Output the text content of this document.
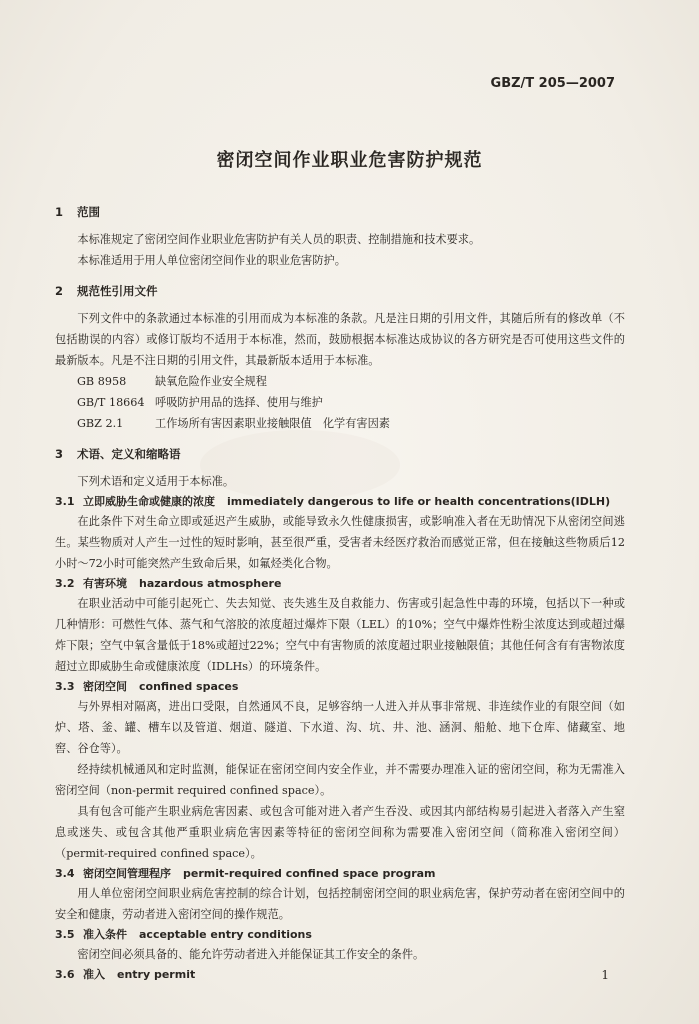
GBZ/T 205—2007
密闭空间作业职业危害防护规范
1 范围

本标准规定了密闭空间作业职业危害防护有关人员的职责、控制措施和技术要求。

本标准适用于用人单位密闭空间作业的职业危害防护。

2 规范性引用文件

下列文件中的条款通过本标准的引用而成为本标准的条款。凡是注日期的引用文件，其随后所有的修改单（不包括勘误的内容）或修订版均不适用于本标准，然而，鼓励根据本标准达成协议的各方研究是否可使用这些文件的最新版本。凡是不注日期的引用文件，其最新版本适用于本标准。

GB 8958	缺氧危险作业安全规程
GB/T 18664 呼吸防护用品的选择、使用与维护
GBZ 2.1	工作场所有害因素职业接触限值　化学有害因素
3 术语、定义和缩略语

下列术语和定义适用于本标准。

3.1 立即威胁生命或健康的浓度 immediately dangerous to life or health concentrations(IDLH)

在此条件下对生命立即或延迟产生威胁，或能导致永久性健康损害，或影响准入者在无助情况下从密闭空间逃生。某些物质对人产生一过性的短时影响，甚至很严重，受害者未经医疗救治而感觉正常，但在接触这些物质后12小时～72小时可能突然产生致命后果，如氟烃类化合物。

3.2 有害环境 hazardous atmosphere

在职业活动中可能引起死亡、失去知觉、丧失逃生及自救能力、伤害或引起急性中毒的环境，包括以下一种或几种情形：可燃性气体、蒸气和气溶胶的浓度超过爆炸下限（LEL）的10%；空气中爆炸性粉尘浓度达到或超过爆炸下限；空气中氧含量低于18%或超过22%；空气中有害物质的浓度超过职业接触限值；其他任何含有有害物浓度超过立即威胁生命或健康浓度（IDLHs）的环境条件。

3.3 密闭空间 confined spaces

与外界相对隔离，进出口受限，自然通风不良，足够容纳一人进入并从事非常规、非连续作业的有限空间（如炉、塔、釜、罐、槽车以及管道、烟道、隧道、下水道、沟、坑、井、池、涵洞、船舱、地下仓库、储藏室、地窖、谷仓等）。

经持续机械通风和定时监测，能保证在密闭空间内安全作业，并不需要办理准入证的密闭空间，称为无需准入密闭空间（non-permit required confined space）。

具有包含可能产生职业病危害因素、或包含可能对进入者产生吞没、或因其内部结构易引起进入者落入产生窒息或迷失、或包含其他严重职业病危害因素等特征的密闭空间称为需要准入密闭空间（简称准入密闭空间）（permit-required confined space）。

3.4 密闭空间管理程序 permit-required confined space program

用人单位密闭空间职业病危害控制的综合计划，包括控制密闭空间的职业病危害，保护劳动者在密闭空间中的安全和健康，劳动者进入密闭空间的操作规范。

3.5 准入条件 acceptable entry conditions

密闭空间必须具备的、能允许劳动者进入并能保证其工作安全的条件。

3.6 准入 entry permit	1
